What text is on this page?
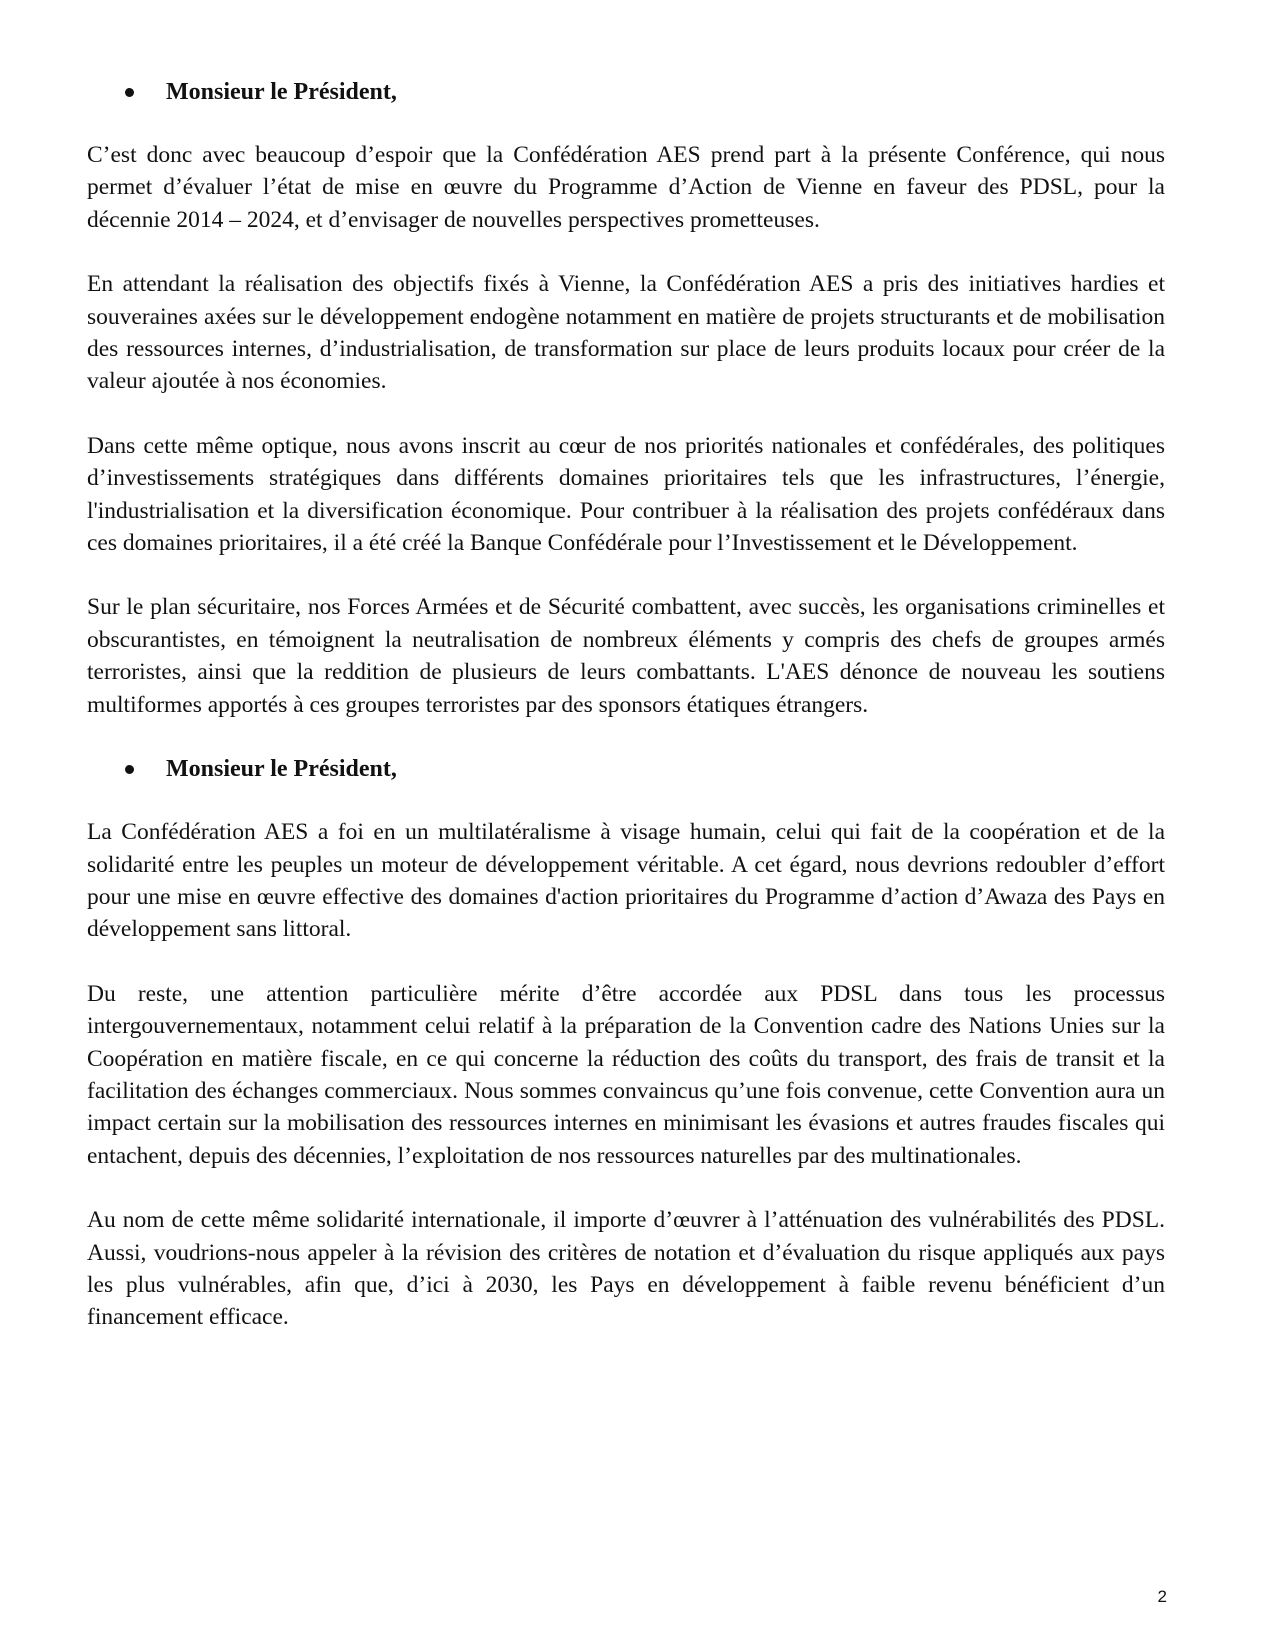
Monsieur le Président,

C’est donc avec beaucoup d’espoir que la Confédération AES prend part à la présente Conférence, qui nous permet d’évaluer l’état de mise en œuvre du Programme d’Action de Vienne en faveur des PDSL, pour la décennie 2014 – 2024, et d’envisager de nouvelles perspectives prometteuses.

En attendant la réalisation des objectifs fixés à Vienne, la Confédération AES a pris des initiatives hardies et souveraines axées sur le développement endogène notamment en matière de projets structurants et de mobilisation des ressources internes, d’industrialisation, de transformation sur place de leurs produits locaux pour créer de la valeur ajoutée à nos économies.

Dans cette même optique, nous avons inscrit au cœur de nos priorités nationales et confédérales, des politiques d’investissements stratégiques dans différents domaines prioritaires tels que les infrastructures, l’énergie, l'industrialisation et la diversification économique. Pour contribuer à la réalisation des projets confédéraux dans ces domaines prioritaires, il a été créé la Banque Confédérale pour l’Investissement et le Développement.

Sur le plan sécuritaire, nos Forces Armées et de Sécurité combattent, avec succès, les organisations criminelles et obscurantistes, en témoignent la neutralisation de nombreux éléments y compris des chefs de groupes armés terroristes, ainsi que la reddition de plusieurs de leurs combattants. L'AES dénonce de nouveau les soutiens multiformes apportés à ces groupes terroristes par des sponsors étatiques étrangers.

Monsieur le Président,

La Confédération AES a foi en un multilatéralisme à visage humain, celui qui fait de la coopération et de la solidarité entre les peuples un moteur de développement véritable. A cet égard, nous devrions redoubler d’effort pour une mise en œuvre effective des domaines d'action prioritaires du Programme d’action d’Awaza des Pays en développement sans littoral.

Du reste, une attention particulière mérite d’être accordée aux PDSL dans tous les processus intergouvernementaux, notamment celui relatif à la préparation de la Convention cadre des Nations Unies sur la Coopération en matière fiscale, en ce qui concerne la réduction des coûts du transport, des frais de transit et la facilitation des échanges commerciaux. Nous sommes convaincus qu’une fois convenue, cette Convention aura un impact certain sur la mobilisation des ressources internes en minimisant les évasions et autres fraudes fiscales qui entachent, depuis des décennies, l’exploitation de nos ressources naturelles par des multinationales.

Au nom de cette même solidarité internationale, il importe d’œuvrer à l’atténuation des vulnérabilités des PDSL. Aussi, voudrions-nous appeler à la révision des critères de notation et d’évaluation du risque appliqués aux pays les plus vulnérables, afin que, d’ici à 2030, les Pays en développement à faible revenu bénéficient d’un financement efficace.

2
